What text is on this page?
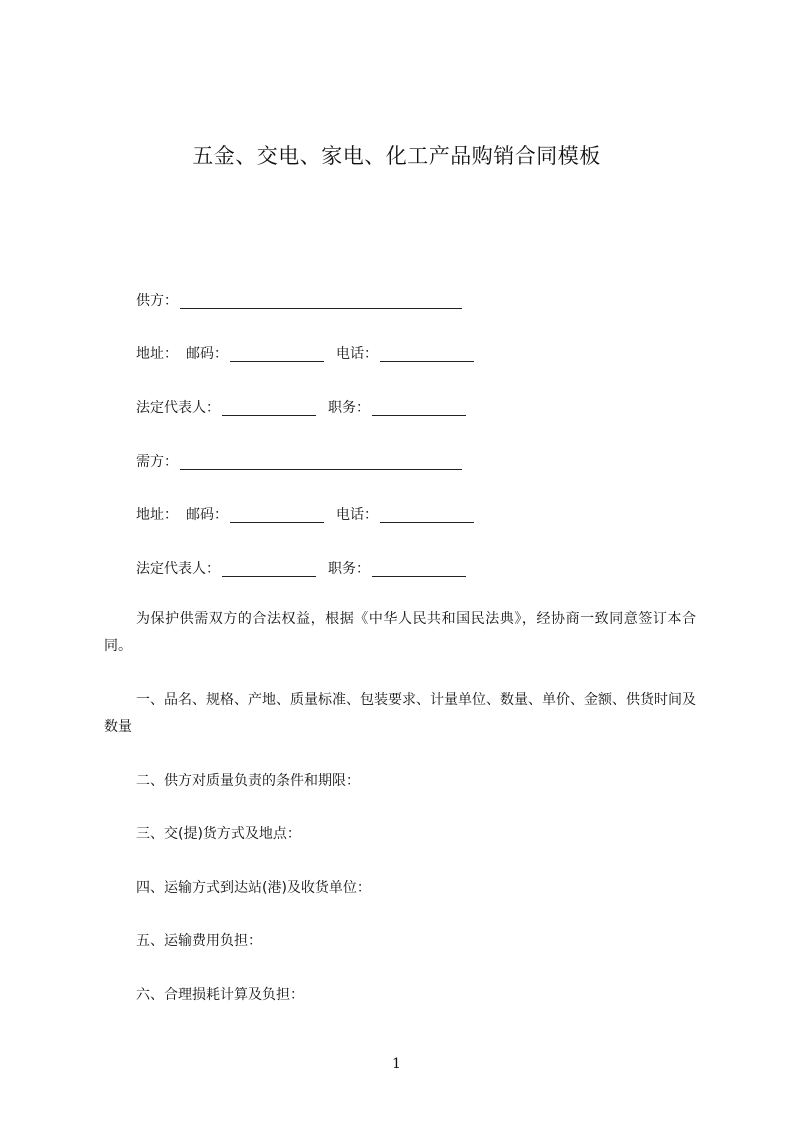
五金、交电、家电、化工产品购销合同模板
供方：
地址： 邮码：	电话：
法定代表人：	职务：
需方：
地址： 邮码：	电话：
法定代表人：	职务：

为保护供需双方的合法权益，根据《中华人民共和国民法典》，经协商一致同意签订本合同。

一、品名、规格、产地、质量标准、包装要求、计量单位、数量、单价、金额、供货时间及数量

二、供方对质量负责的条件和期限：

三、交(提)货方式及地点：

四、运输方式到达站(港)及收货单位：

五、运输费用负担：

六、合理损耗计算及负担：

1
